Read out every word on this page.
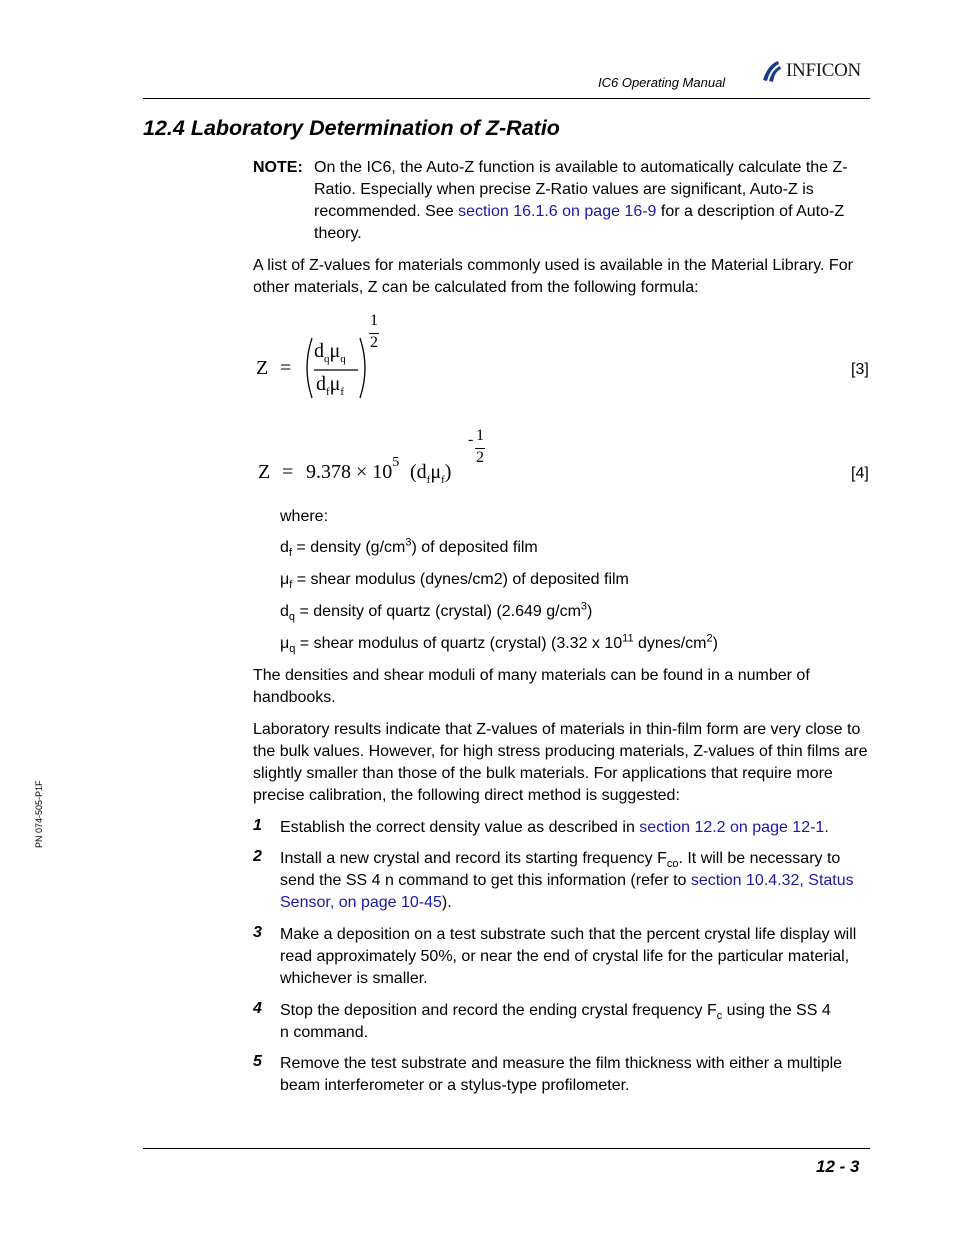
IC6 Operating Manual
INFICON
PN 074-505-P1F
12.4 Laboratory Determination of Z-Ratio
NOTE: On the IC6, the Auto-Z function is available to automatically calculate the Z-Ratio. Especially when precise Z-Ratio values are significant, Auto-Z is recommended. See section 16.1.6 on page 16-9 for a description of Auto-Z theory.

A list of Z-values for materials commonly used is available in the Material Library. For other materials, Z can be calculated from the following formula:

Z =
$d_q\mu_q$
$d_f\mu_f$
1
2
[3]
$Z = 9.378 \times 10^5$ $(d_f\mu_f)$
- 1
2
[4]
where:
$d_f$ = density $(g/cm^3)$ of deposited film
$\mu_f$ = shear modulus (dynes/cm2) of deposited film
$d_q$ = density of quartz (crystal) (2.649 $g/cm^3$)
$\mu_q$ = shear modulus of quartz (crystal) (3.32 x $10^{11}$ dynes/$cm^2$)

The densities and shear moduli of many materials can be found in a number of handbooks.

Laboratory results indicate that Z-values of materials in thin-film form are very close to the bulk values. However, for high stress producing materials, Z-values of thin films are slightly smaller than those of the bulk materials. For applications that require more precise calibration, the following direct method is suggested:

1 Establish the correct density value as described in section 12.2 on page 12-1.

2 Install a new crystal and record its starting frequency $F_{co}$. It will be necessary to send the SS 4 n command to get this information (refer to section 10.4.32, Status Sensor, on page 10-45).

3 Make a deposition on a test substrate such that the percent crystal life display will read approximately 50%, or near the end of crystal life for the particular material, whichever is smaller.

4 Stop the deposition and record the ending crystal frequency $F_c$ using the SS 4 n command.

5 Remove the test substrate and measure the film thickness with either a multiple beam interferometer or a stylus-type profilometer.

12 - 3
